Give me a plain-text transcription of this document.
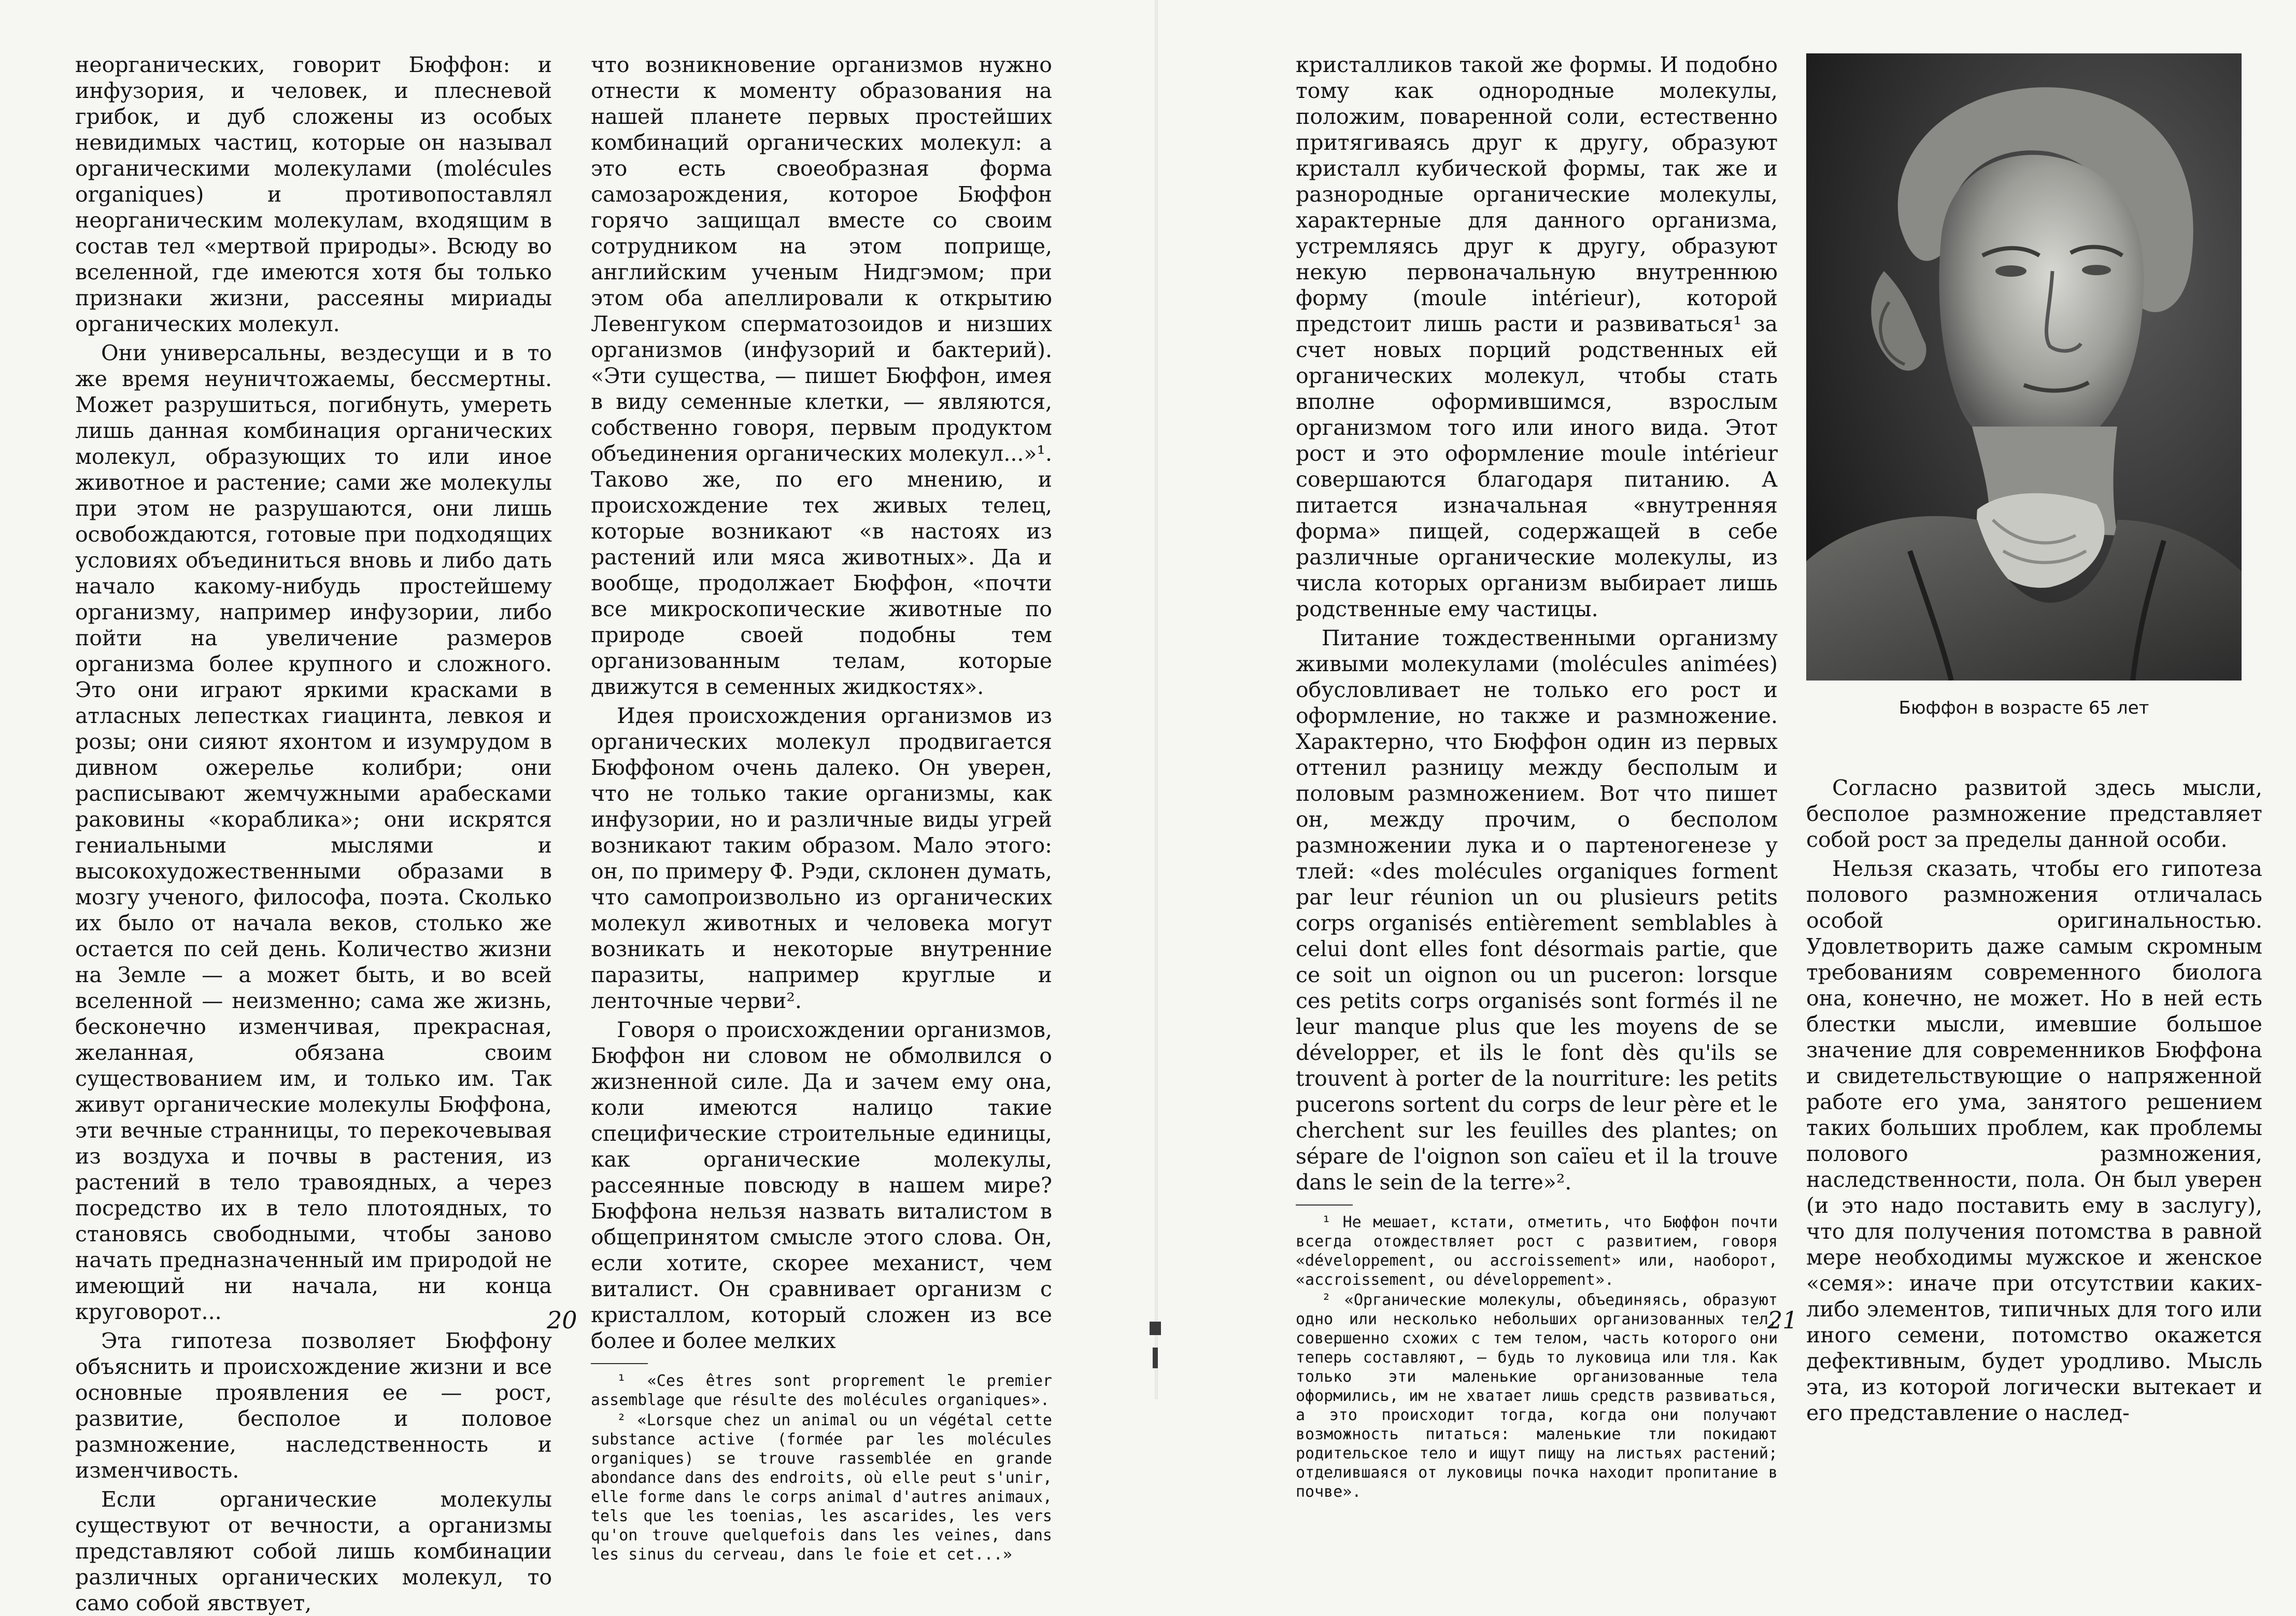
неорганических, говорит Бюффон: и инфузория, и человек, и плесневой грибок, и дуб сложены из особых невидимых частиц, которые он называл органическими молекулами (molécules organiques) и противопоставлял неорганическим молекулам, входящим в состав тел «мертвой природы». Всюду во вселенной, где имеются хотя бы только признаки жизни, рассеяны мириады органических молекул.

Они универсальны, вездесущи и в то же время неуничтожаемы, бессмертны. Может разрушиться, погибнуть, умереть лишь данная комбинация органических молекул, образующих то или иное животное и растение; сами же молекулы при этом не разрушаются, они лишь освобождаются, готовые при подходящих условиях объединиться вновь и либо дать начало какому-нибудь простейшему организму, например инфузории, либо пойти на увеличение размеров организма более крупного и сложного. Это они играют яркими красками в атласных лепестках гиацинта, левкоя и розы; они сияют яхонтом и изумрудом в дивном ожерелье колибри; они расписывают жемчужными арабесками раковины «кораблика»; они искрятся гениальными мыслями и высокохудожественными образами в мозгу ученого, философа, поэта. Сколько их было от начала веков, столько же остается по сей день. Количество жизни на Земле — а может быть, и во всей вселенной — неизменно; сама же жизнь, бесконечно изменчивая, прекрасная, желанная, обязана своим существованием им, и только им. Так живут органические молекулы Бюффона, эти вечные странницы, то перекочевывая из воздуха и почвы в растения, из растений в тело травоядных, а через посредство их в тело плотоядных, то становясь свободными, чтобы заново начать предназначенный им природой не имеющий ни начала, ни конца круговорот...

Эта гипотеза позволяет Бюффону объяснить и происхождение жизни и все основные проявления ее — рост, развитие, бесполое и половое размножение, наследственность и изменчивость.

Если органические молекулы существуют от вечности, а организмы представляют собой лишь комбинации различных органических молекул, то само собой явствует,

что возникновение организмов нужно отнести к моменту образования на нашей планете первых простейших комбинаций органических молекул: а это есть своеобразная форма самозарождения, которое Бюффон горячо защищал вместе со своим сотрудником на этом поприще, английским ученым Нидгэмом; при этом оба апеллировали к открытию Левенгуком сперматозоидов и низших организмов (инфузорий и бактерий). «Эти существа, — пишет Бюффон, имея в виду семенные клетки, — являются, собственно говоря, первым продуктом объединения органических молекул...»¹. Таково же, по его мнению, и происхождение тех живых телец, которые возникают «в настоях из растений или мяса животных». Да и вообще, продолжает Бюффон, «почти все микроскопические животные по природе своей подобны тем организованным телам, которые движутся в семенных жидкостях».

Идея происхождения организмов из органических молекул продвигается Бюффоном очень далеко. Он уверен, что не только такие организмы, как инфузории, но и различные виды угрей возникают таким образом. Мало этого: он, по примеру Ф. Рэди, склонен думать, что самопроизвольно из органических молекул животных и человека могут возникать и некоторые внутренние паразиты, например круглые и ленточные черви².

Говоря о происхождении организмов, Бюффон ни словом не обмолвился о жизненной силе. Да и зачем ему она, коли имеются налицо такие специфические строительные единицы, как органические молекулы, рассеянные повсюду в нашем мире? Бюффона нельзя назвать виталистом в общепринятом смысле этого слова. Он, если хотите, скорее механист, чем виталист. Он сравнивает организм с кристаллом, который сложен из все более и более мелких

¹ «Ces êtres sont proprement le premier assemblage que résulte des molécules organiques».

² «Lorsque chez un animal ou un végétal cette substance active (formée par les molécules organiques) se trouve rassemblée en grande abondance dans des endroits, où elle peut s'unir, elle forme dans le corps animal d'autres animaux, tels que les toenias, les ascarides, les vers qu'on trouve quelquefois dans les veines, dans les sinus du cerveau, dans le foie et cet...»

20

кристалликов такой же формы. И подобно тому как однородные молекулы, положим, поваренной соли, естественно притягиваясь друг к другу, образуют кристалл кубической формы, так же и разнородные органические молекулы, характерные для данного организма, устремляясь друг к другу, образуют некую первоначальную внутреннюю форму (moule intérieur), которой предстоит лишь расти и развиваться¹ за счет новых порций родственных ей органических молекул, чтобы стать вполне оформившимся, взрослым организмом того или иного вида. Этот рост и это оформление moule intérieur совершаются благодаря питанию. А питается изначальная «внутренняя форма» пищей, содержащей в себе различные органические молекулы, из числа которых организм выбирает лишь родственные ему частицы.

Питание тождественными организму живыми молекулами (molécules animées) обусловливает не только его рост и оформление, но также и размножение. Характерно, что Бюффон один из первых оттенил разницу между бесполым и половым размножением. Вот что пишет он, между прочим, о бесполом размножении лука и о партеногенезе у тлей: «des molécules organiques forment par leur réunion un ou plusieurs petits corps organisés entièrement semblables à celui dont elles font désormais partie, que ce soit un oignon ou un puceron: lorsque ces petits corps organisés sont formés il ne leur manque plus que les moyens de se développer, et ils le font dès qu'ils se trouvent à porter de la nourriture: les petits pucerons sortent du corps de leur père et le cherchent sur les feuilles des plantes; on sépare de l'oignon son caïeu et il la trouve dans le sein de la terre»².

¹ Не мешает, кстати, отметить, что Бюффон почти всегда отождествляет рост с развитием, говоря «développement, ou accroissement» или, наоборот, «accroissement, ou développement».

² «Органические молекулы, объединяясь, образуют одно или несколько небольших организованных тел, совершенно схожих с тем телом, часть которого они теперь составляют, — будь то луковица или тля. Как только эти маленькие организованные тела оформились, им не хватает лишь средств развиваться, а это происходит тогда, когда они получают возможность питаться: маленькие тли покидают родительское тело и ищут пищу на листьях растений; отделившаяся от луковицы почка находит пропитание в почве».

Согласно развитой здесь мысли, бесполое размножение представляет собой рост за пределы данной особи.

Нельзя сказать, чтобы его гипотеза полового размножения отличалась особой оригинальностью. Удовлетворить даже самым скромным требованиям современного биолога она, конечно, не может. Но в ней есть блестки мысли, имевшие большое значение для современников Бюффона и свидетельствующие о напряженной работе его ума, занятого решением таких больших проблем, как проблемы полового размножения, наследственности, пола. Он был уверен (и это надо поставить ему в заслугу), что для получения потомства в равной мере необходимы мужское и женское «семя»: иначе при отсутствии каких-либо элементов, типичных для того или иного семени, потомство окажется дефективным, будет уродливо. Мысль эта, из которой логически вытекает и его представление о наслед-

21
Бюффон в возрасте 65 лет
